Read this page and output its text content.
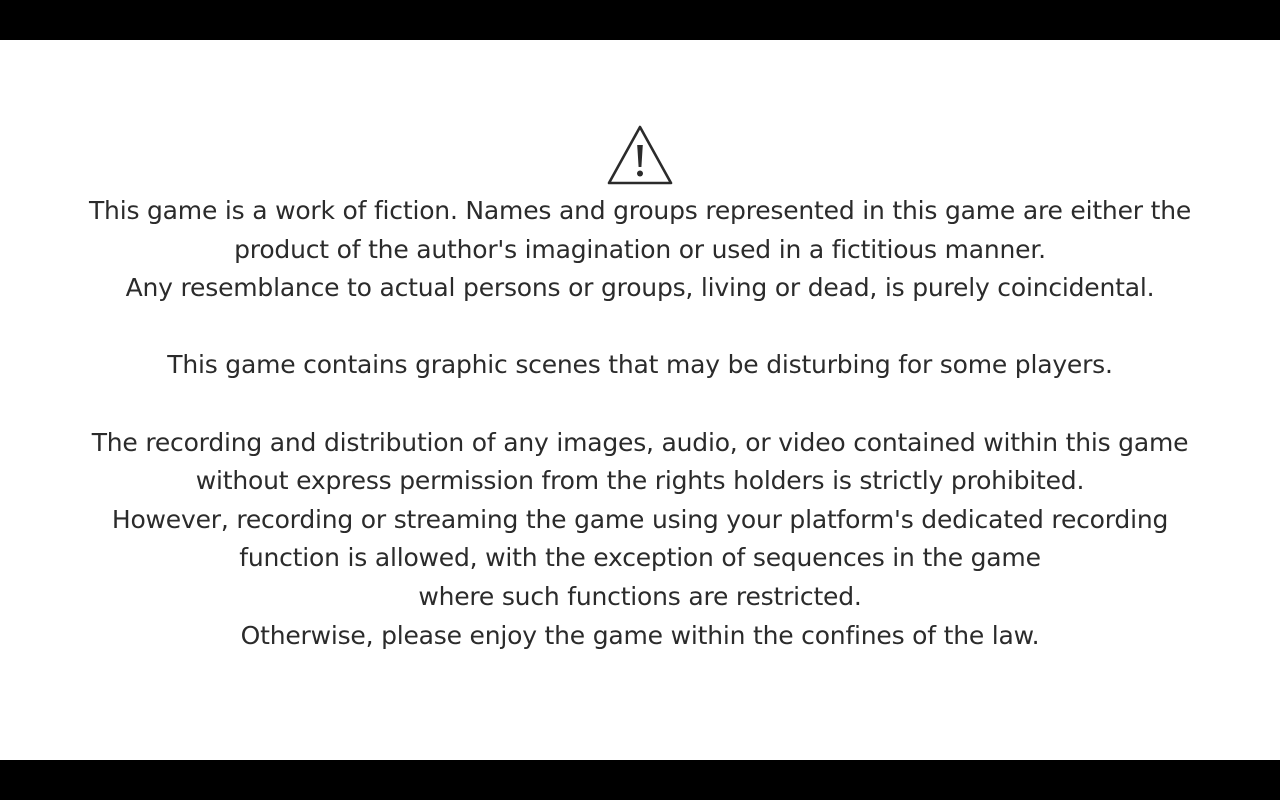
This game is a work of fiction. Names and groups represented in this game are either the
product of the author's imagination or used in a fictitious manner.
Any resemblance to actual persons or groups, living or dead, is purely coincidental.
This game contains graphic scenes that may be disturbing for some players.
The recording and distribution of any images, audio, or video contained within this game
without express permission from the rights holders is strictly prohibited.
However, recording or streaming the game using your platform's dedicated recording
function is allowed, with the exception of sequences in the game
where such functions are restricted.
Otherwise, please enjoy the game within the confines of the law.
